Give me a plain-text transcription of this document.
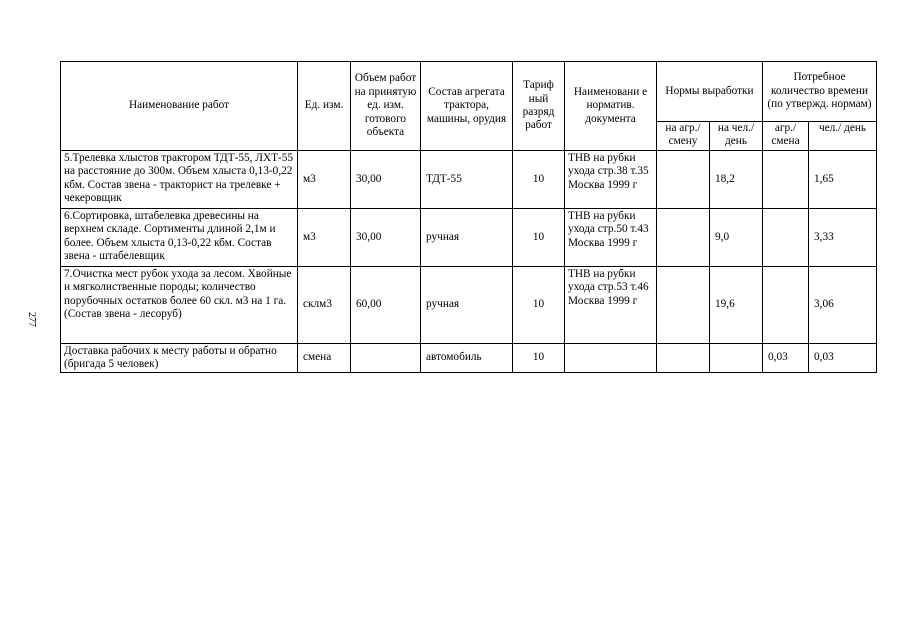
277
Наименование работ	Ед. изм.	Объем работ на принятую ед. изм. готового объекта	Состав агрегата трактора, машины, орудия	Тариф ный разряд работ	Наименовани е норматив. документа	Нормы выработки		Потребное количество времени (по утвержд. нормам)	
						на агр./ смену	на чел./ день	агр./ смена	чел./ день
5.Трелевка хлыстов трактором ТДТ-55, ЛХТ-55 на расстояние до 300м. Объем хлыста 0,13-0,22 кбм. Состав звена - тракторист на трелевке + чекеровщик	м3	30,00	ТДТ-55	10	ТНВ на рубки ухода стр.38 т.35 Москва 1999 г		18,2		1,65
6.Сортировка, штабелевка древесины на верхнем складе. Сортименты длиной 2,1м и более. Объем хлыста 0,13-0,22 кбм. Состав звена - штабелевщик	м3	30,00	ручная	10	ТНВ на рубки ухода стр.50 т.43 Москва 1999 г		9,0		3,33
7.Очистка мест рубок ухода за лесом. Хвойные и мягколиственные породы; количество порубочных остатков более 60 скл. м3 на 1 га. (Состав звена - лесоруб)	склм3	60,00	ручная	10	ТНВ на рубки ухода стр.53 т.46 Москва 1999 г		19,6		3,06
Доставка рабочих к месту работы и обратно (бригада 5 человек)	смена		автомобиль	10				0,03	0,03
